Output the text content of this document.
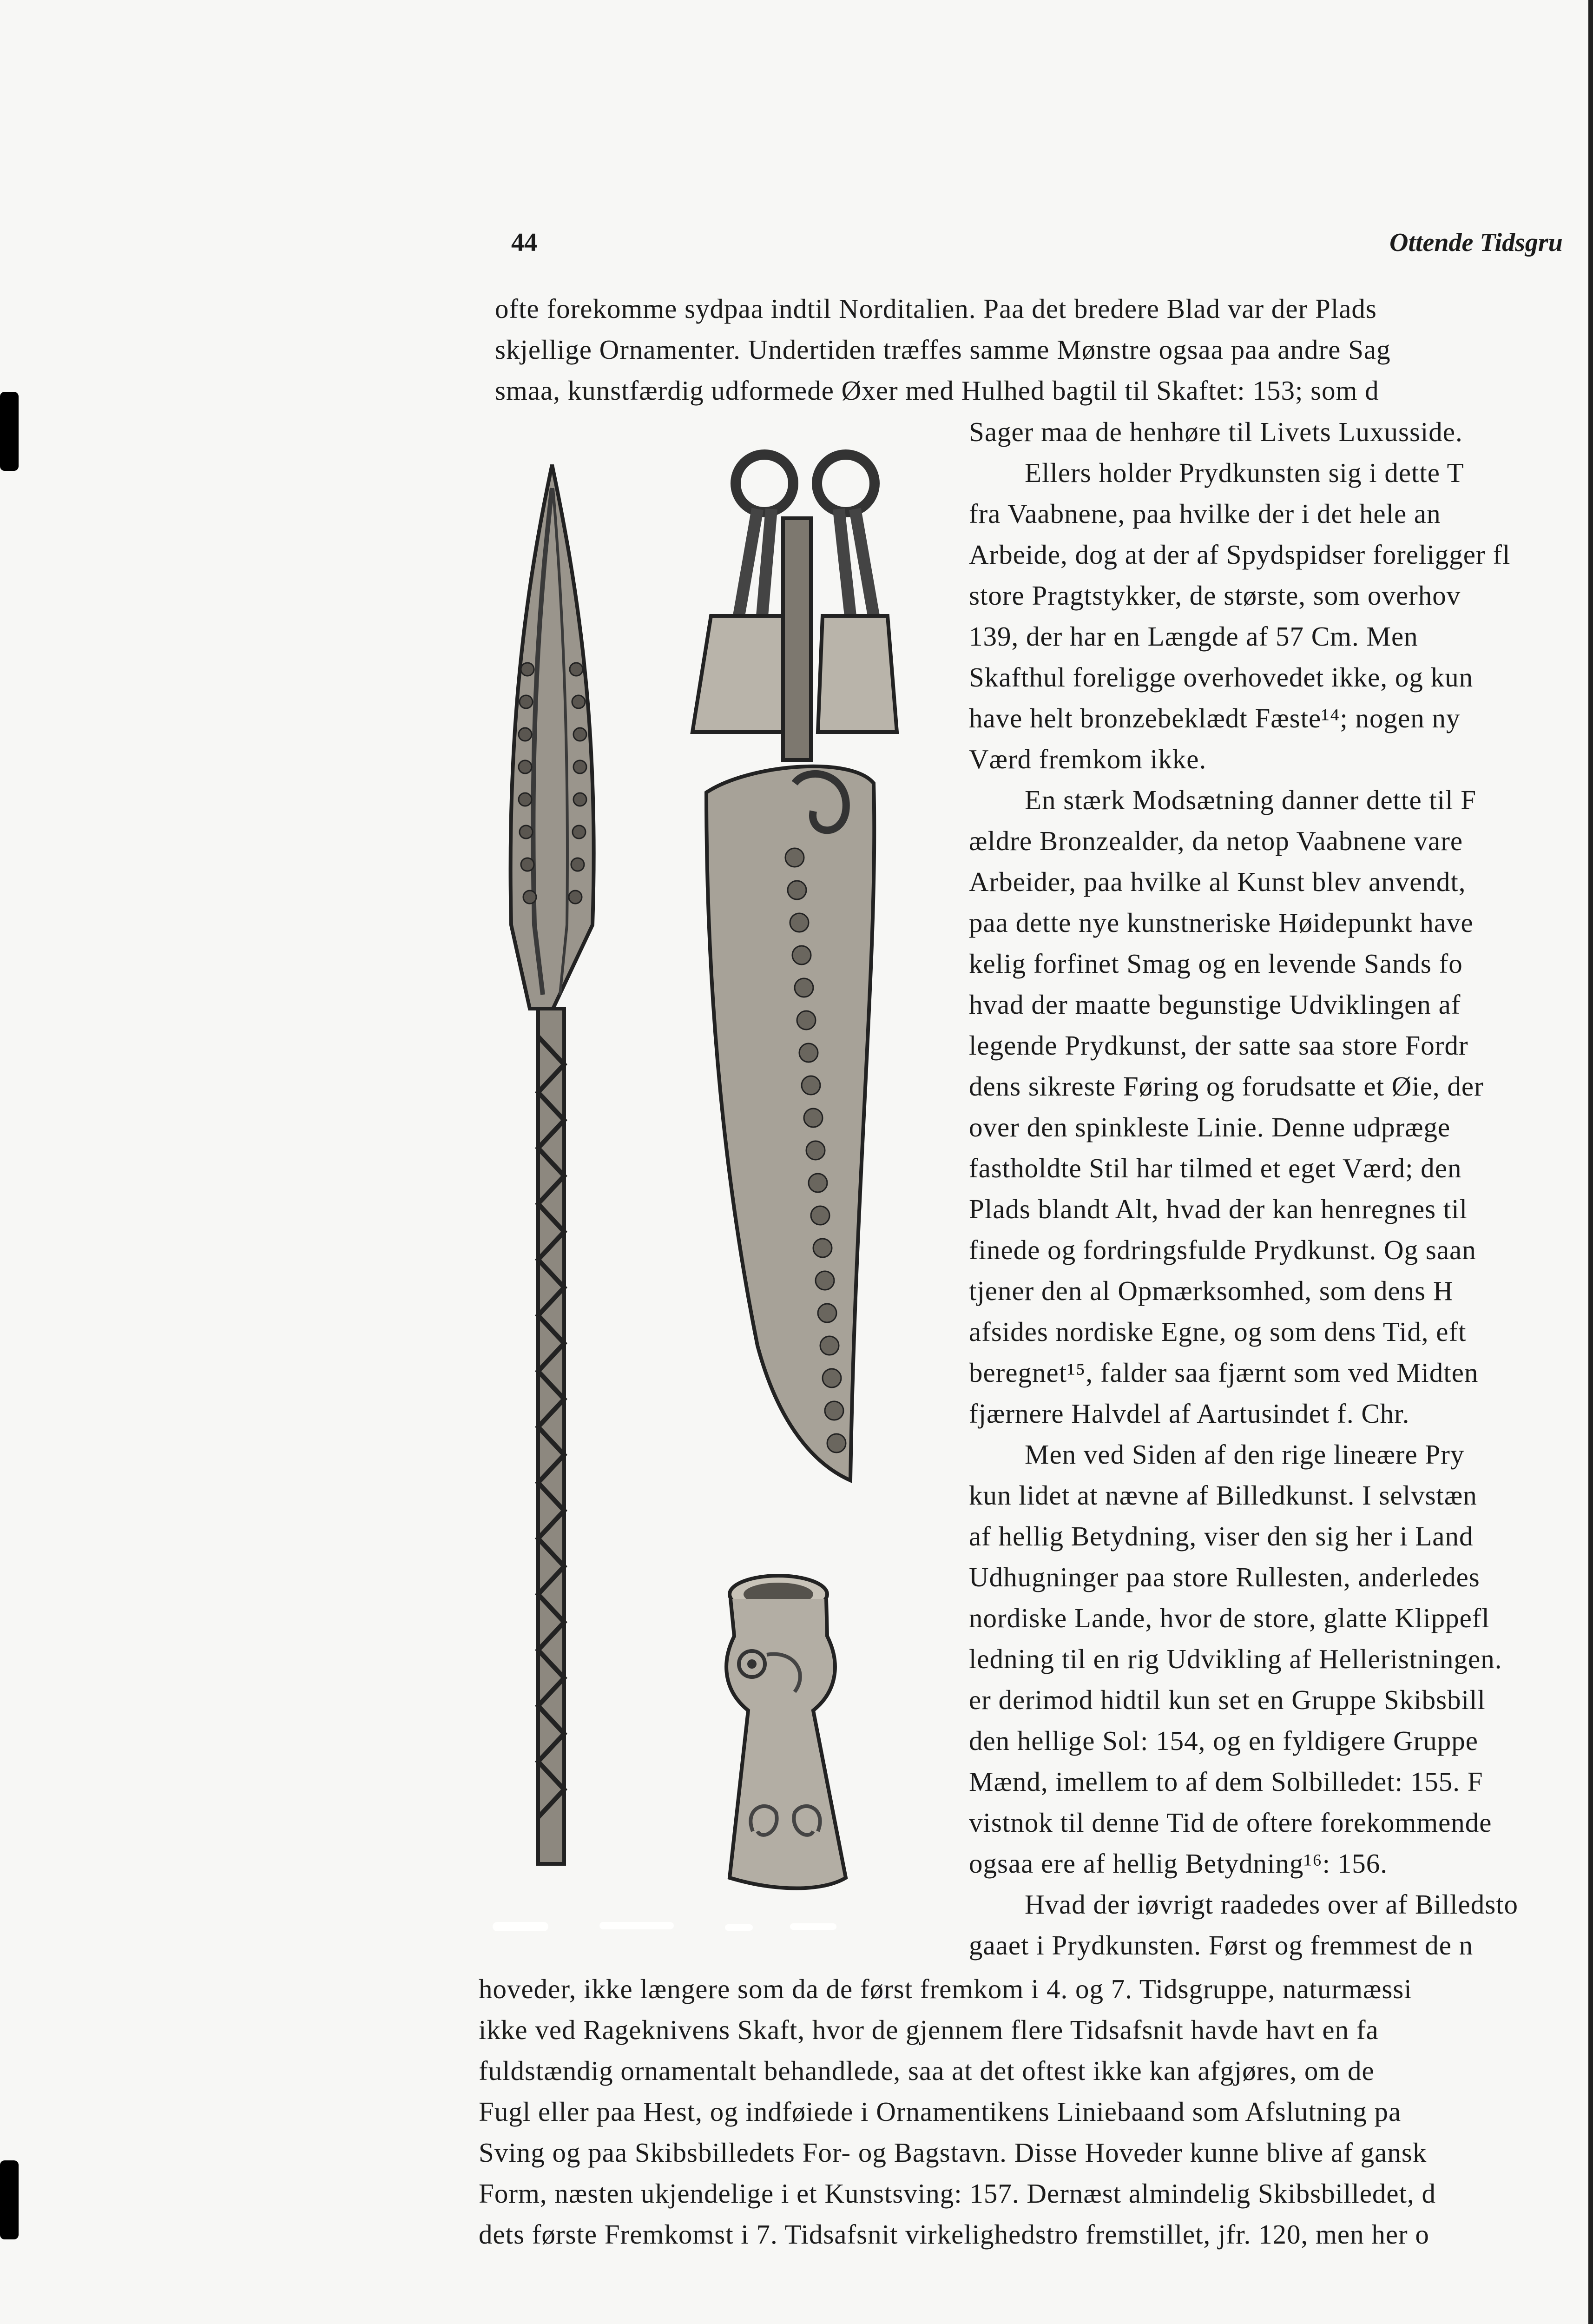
44	Ottende Tidsgru
ofte forekomme sydpaa indtil Norditalien. Paa det bredere Blad var der Plads
skjellige Ornamenter. Undertiden træffes samme Mønstre ogsaa paa andre Sag
smaa, kunstfærdig udformede Øxer med Hulhed bagtil til Skaftet: 153; som d
Sager maa de henhøre til Livets Luxusside.
Ellers holder Prydkunsten sig i dette T
fra Vaabnene, paa hvilke der i det hele an
Arbeide, dog at der af Spydspidser foreligger fl
store Pragtstykker, de største, som overhov
139, der har en Længde af 57 Cm. Men
Skafthul foreligge overhovedet ikke, og kun
have helt bronzebeklædt Fæste¹⁴; nogen ny
Værd fremkom ikke.
En stærk Modsætning danner dette til F
ældre Bronzealder, da netop Vaabnene vare
Arbeider, paa hvilke al Kunst blev anvendt,
paa dette nye kunstneriske Høidepunkt have
kelig forfinet Smag og en levende Sands fo
hvad der maatte begunstige Udviklingen af
legende Prydkunst, der satte saa store Fordr
dens sikreste Føring og forudsatte et Øie, der
over den spinkleste Linie. Denne udpræge
fastholdte Stil har tilmed et eget Værd; den
Plads blandt Alt, hvad der kan henregnes til
finede og fordringsfulde Prydkunst. Og saan
tjener den al Opmærksomhed, som dens H
afsides nordiske Egne, og som dens Tid, eft
beregnet¹⁵, falder saa fjærnt som ved Midten
fjærnere Halvdel af Aartusindet f. Chr.
Men ved Siden af den rige lineære Pry
kun lidet at nævne af Billedkunst. I selvstæn
af hellig Betydning, viser den sig her i Land
Udhugninger paa store Rullesten, anderledes
nordiske Lande, hvor de store, glatte Klippefl
ledning til en rig Udvikling af Helleristningen.
er derimod hidtil kun set en Gruppe Skibsbill
den hellige Sol: 154, og en fyldigere Gruppe
Mænd, imellem to af dem Solbilledet: 155. F
vistnok til denne Tid de oftere forekommende
ogsaa ere af hellig Betydning¹⁶: 156.
Hvad der iøvrigt raadedes over af Billedsto
gaaet i Prydkunsten. Først og fremmest de n
hoveder, ikke længere som da de først fremkom i 4. og 7. Tidsgruppe, naturmæssi
ikke ved Rageknivens Skaft, hvor de gjennem flere Tidsafsnit havde havt en fa
fuldstændig ornamentalt behandlede, saa at det oftest ikke kan afgjøres, om de
Fugl eller paa Hest, og indføiede i Ornamentikens Liniebaand som Afslutning pa
Sving og paa Skibsbilledets For- og Bagstavn. Disse Hoveder kunne blive af gansk
Form, næsten ukjendelige i et Kunstsving: 157. Dernæst almindelig Skibsbilledet, d
dets første Fremkomst i 7. Tidsafsnit virkelighedstro fremstillet, jfr. 120, men her o
